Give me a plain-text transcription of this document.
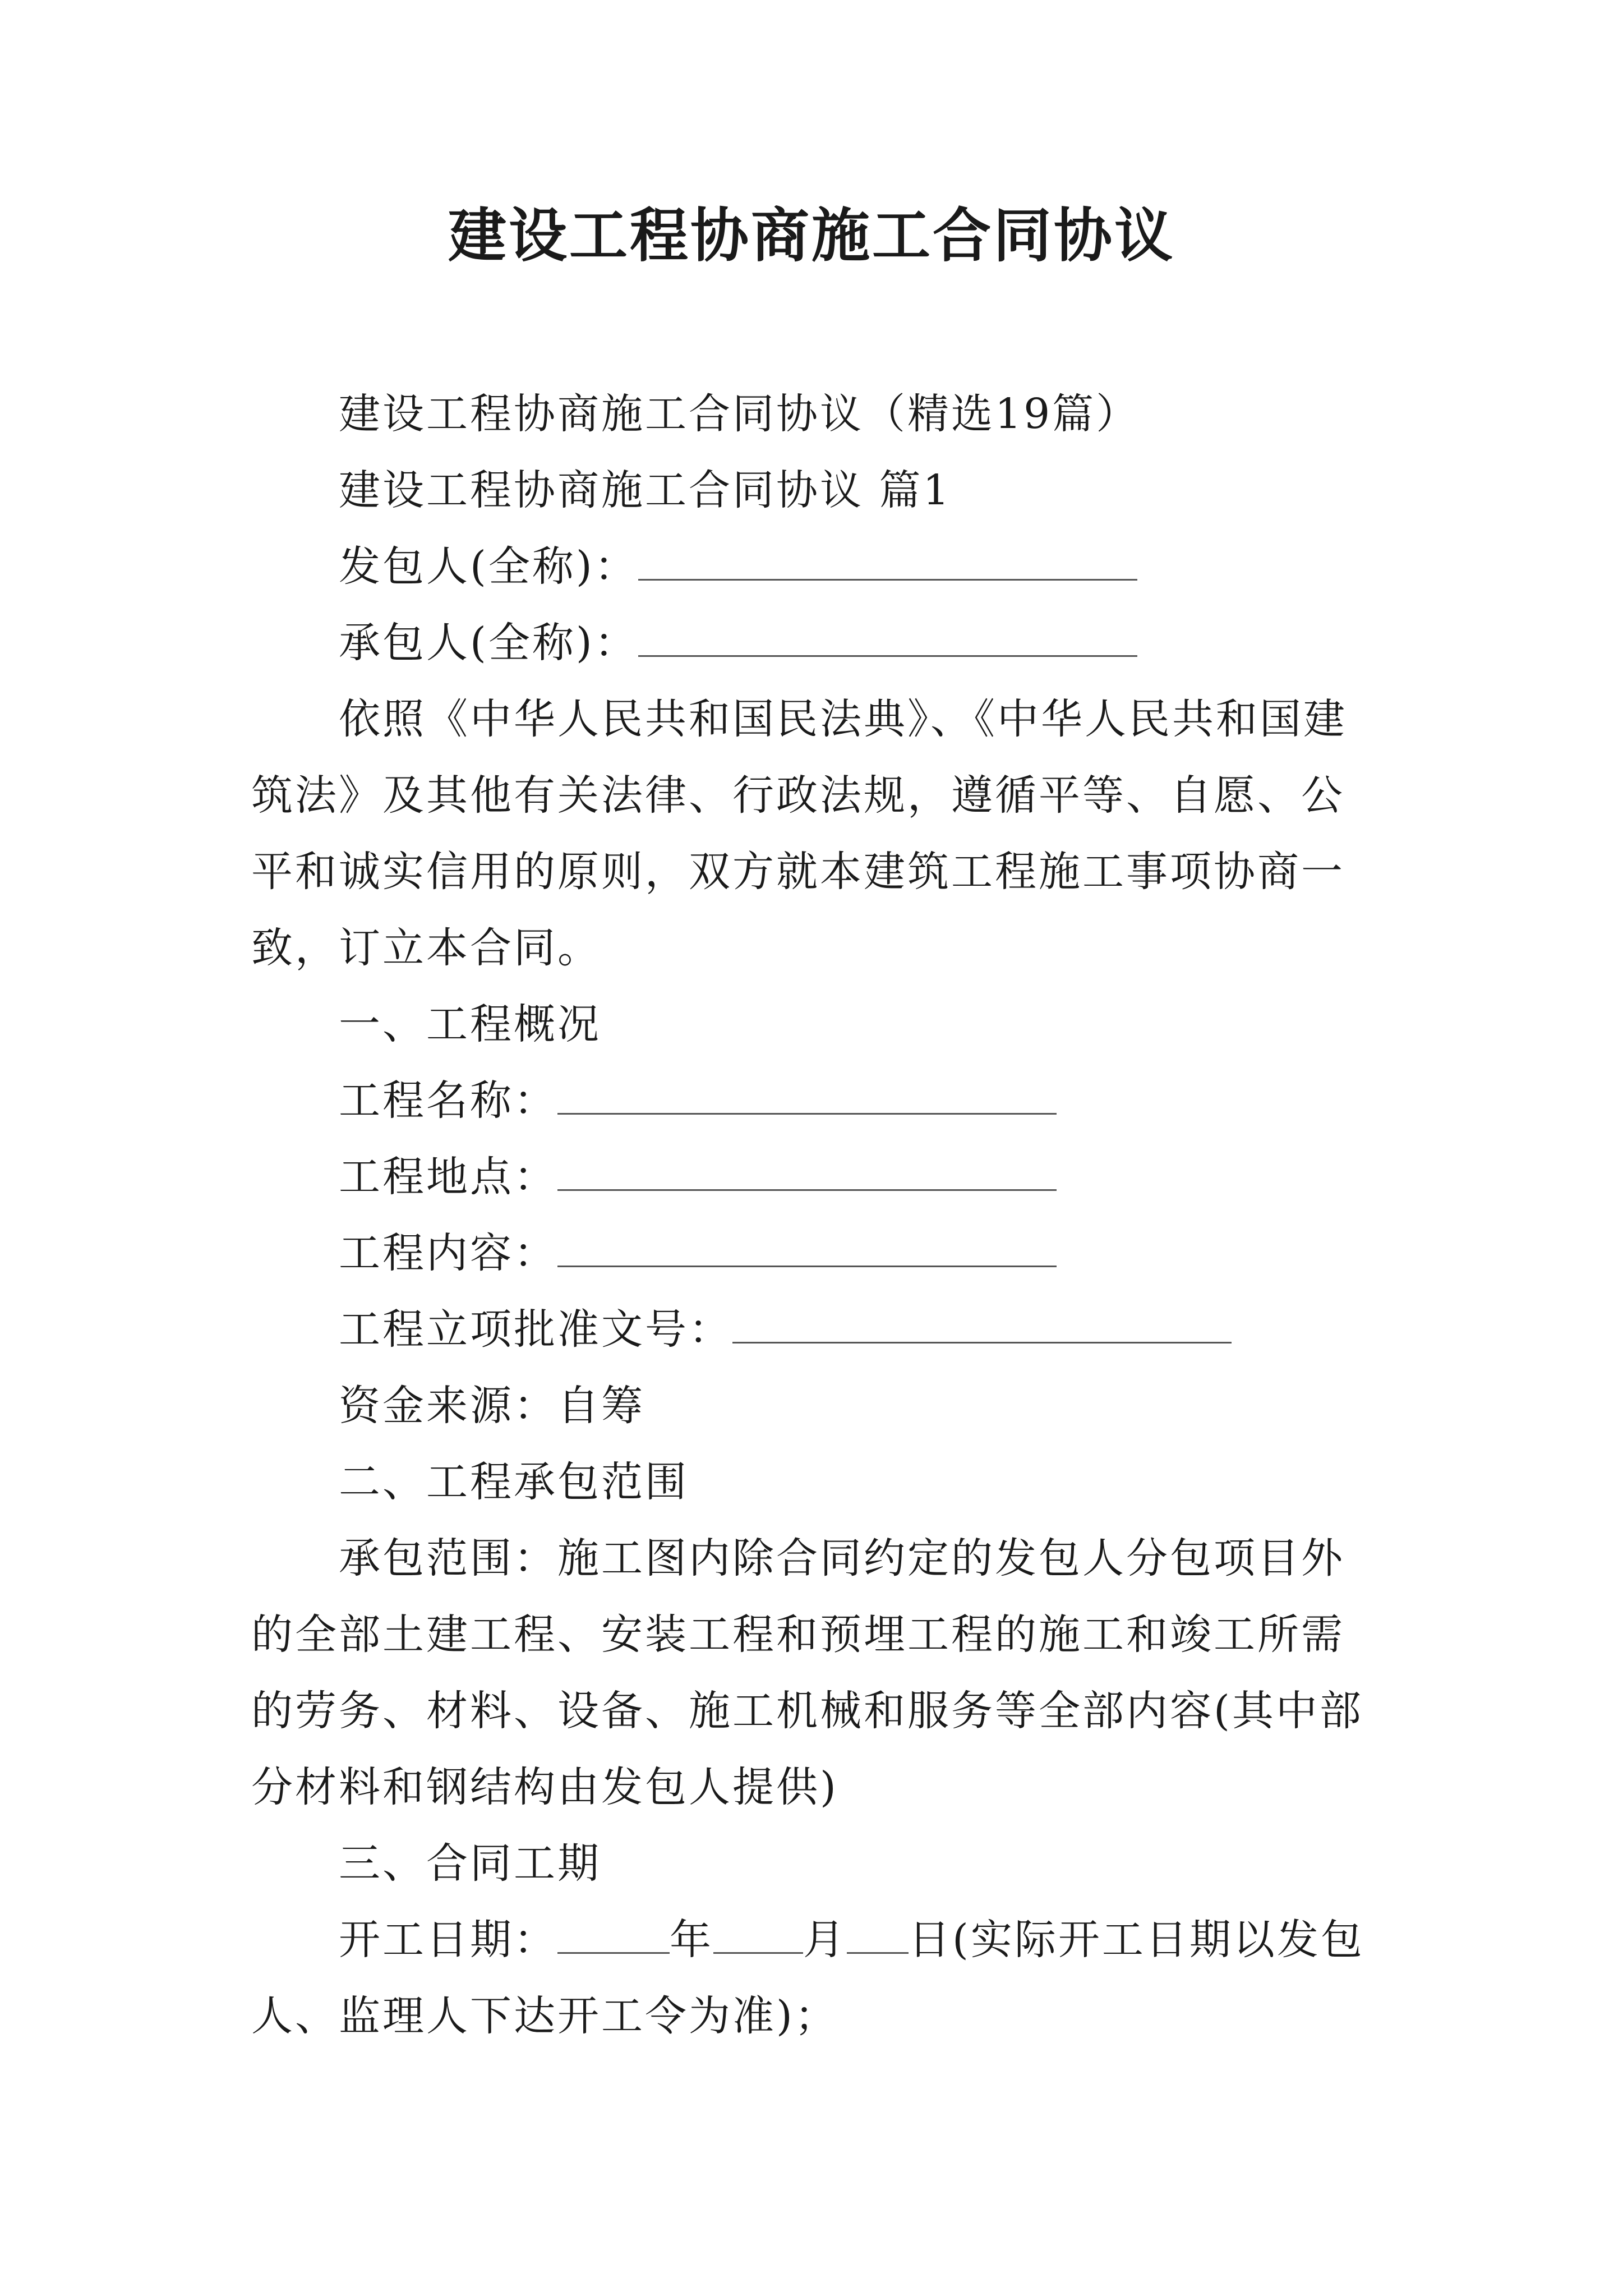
建设工程协商施工合同协议

建设工程协商施工合同协议（精选19篇）

建设工程协商施工合同协议 篇1

发包人(全称)：

承包人(全称)：

依照《中华人民共和国民法典》、《中华人民共和国建筑法》及其他有关法律、行政法规，遵循平等、自愿、公平和诚实信用的原则，双方就本建筑工程施工事项协商一致，订立本合同。

一、工程概况

工程名称：

工程地点：

工程内容：

工程立项批准文号：

资金来源：自筹

二、工程承包范围

承包范围：施工图内除合同约定的发包人分包项目外的全部土建工程、安装工程和预埋工程的施工和竣工所需的劳务、材料、设备、施工机械和服务等全部内容(其中部分材料和钢结构由发包人提供)

三、合同工期

开工日期：	年 月 日(实际开工日期以发包人、监理人下达开工令为准)；
